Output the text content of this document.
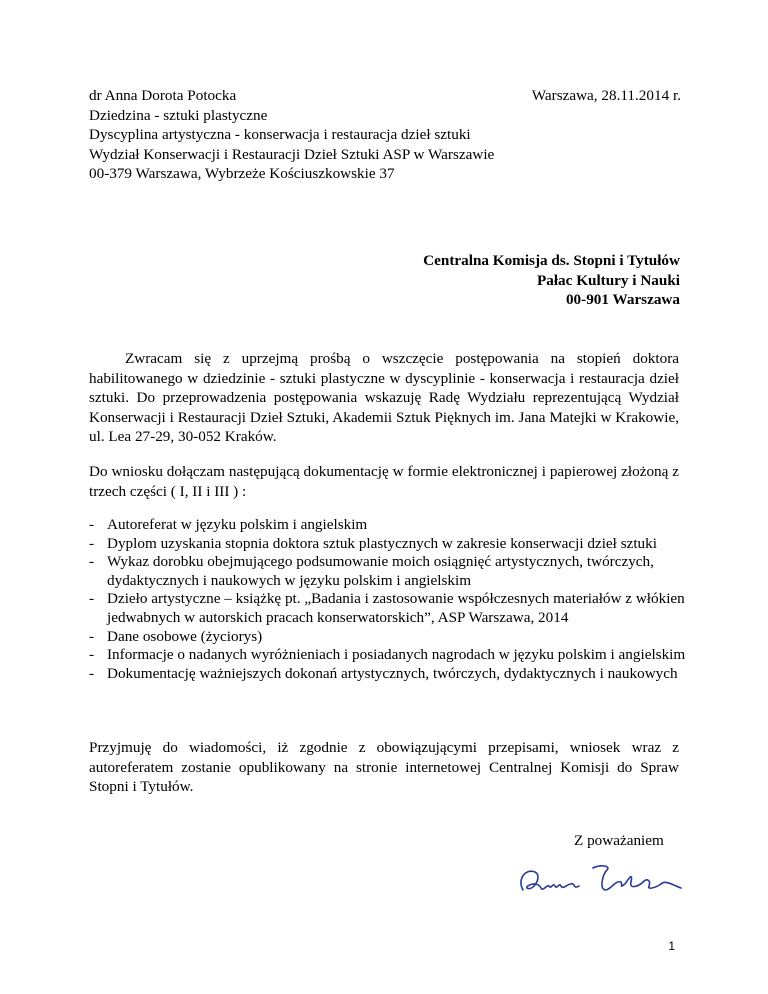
dr Anna Dorota Potocka
Dziedzina - sztuki plastyczne
Dyscyplina artystyczna - konserwacja i restauracja dzieł sztuki
Wydział Konserwacji i Restauracji Dzieł Sztuki ASP w Warszawie
00-379 Warszawa, Wybrzeże Kościuszkowskie 37
Warszawa, 28.11.2014 r.
Centralna Komisja ds. Stopni i Tytułów
Pałac Kultury i Nauki
00-901 Warszawa
Zwracam się z uprzejmą prośbą o wszczęcie postępowania na stopień doktora habilitowanego w dziedzinie - sztuki plastyczne w dyscyplinie - konserwacja i restauracja dzieł sztuki. Do przeprowadzenia postępowania wskazuję Radę Wydziału reprezentującą Wydział Konserwacji i Restauracji Dzieł Sztuki, Akademii Sztuk Pięknych im. Jana Matejki w Krakowie, ul. Lea 27-29, 30-052 Kraków.
Do wniosku dołączam następującą dokumentację w formie elektronicznej i papierowej złożoną z trzech części ( I, II i III ) :
- Autoreferat w języku polskim i angielskim
- Dyplom uzyskania stopnia doktora sztuk plastycznych w zakresie konserwacji dzieł sztuki
- Wykaz dorobku obejmującego podsumowanie moich osiągnięć artystycznych, twórczych, dydaktycznych i naukowych w języku polskim i angielskim
- Dzieło artystyczne – książkę pt. „Badania i zastosowanie współczesnych materiałów z włókien jedwabnych w autorskich pracach konserwatorskich”, ASP Warszawa, 2014
- Dane osobowe (życiorys)
- Informacje o nadanych wyróżnieniach i posiadanych nagrodach w języku polskim i angielskim
- Dokumentację ważniejszych dokonań artystycznych, twórczych, dydaktycznych i naukowych
Przyjmuję do wiadomości, iż zgodnie z obowiązującymi przepisami, wniosek wraz z autoreferatem zostanie opublikowany na stronie internetowej Centralnej Komisji do Spraw Stopni i Tytułów.
Z poważaniem
1
